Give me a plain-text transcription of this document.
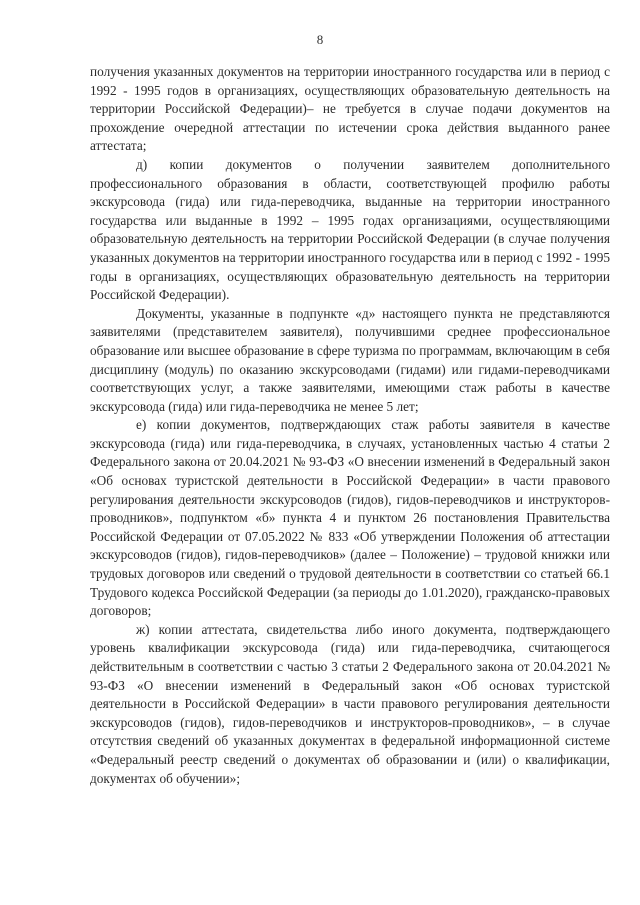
8

получения указанных документов на территории иностранного государства или в период с 1992 - 1995 годов в организациях, осуществляющих образовательную деятельность на территории Российской Федерации)– не требуется в случае подачи документов на прохождение очередной аттестации по истечении срока действия выданного ранее аттестата;

д) копии документов о получении заявителем дополнительного профессионального образования в области, соответствующей профилю работы экскурсовода (гида) или гида-переводчика, выданные на территории иностранного государства или выданные в 1992 – 1995 годах организациями, осуществляющими образовательную деятельность на территории Российской Федерации (в случае получения указанных документов на территории иностранного государства или в период с 1992 - 1995 годы в организациях, осуществляющих образовательную деятельность на территории Российской Федерации).

Документы, указанные в подпункте «д» настоящего пункта не представляются заявителями (представителем заявителя), получившими среднее профессиональное образование или высшее образование в сфере туризма по программам, включающим в себя дисциплину (модуль) по оказанию экскурсоводами (гидами) или гидами-переводчиками соответствующих услуг, а также заявителями, имеющими стаж работы в качестве экскурсовода (гида) или гида-переводчика не менее 5 лет;

е) копии документов, подтверждающих стаж работы заявителя в качестве экскурсовода (гида) или гида-переводчика, в случаях, установленных частью 4 статьи 2 Федерального закона от 20.04.2021 № 93-ФЗ «О внесении изменений в Федеральный закон «Об основах туристской деятельности в Российской Федерации» в части правового регулирования деятельности экскурсоводов (гидов), гидов-переводчиков и инструкторов-проводников», подпунктом «б» пункта 4 и пунктом 26 постановления Правительства Российской Федерации от 07.05.2022 № 833 «Об утверждении Положения об аттестации экскурсоводов (гидов), гидов-переводчиков» (далее – Положение) – трудовой книжки или трудовых договоров или сведений о трудовой деятельности в соответствии со статьей 66.1 Трудового кодекса Российской Федерации (за периоды до 1.01.2020), гражданско-правовых договоров;

ж) копии аттестата, свидетельства либо иного документа, подтверждающего уровень квалификации экскурсовода (гида) или гида-переводчика, считающегося действительным в соответствии с частью 3 статьи 2 Федерального закона от 20.04.2021 № 93-ФЗ «О внесении изменений в Федеральный закон «Об основах туристской деятельности в Российской Федерации» в части правового регулирования деятельности экскурсоводов (гидов), гидов-переводчиков и инструкторов-проводников», – в случае отсутствия сведений об указанных документах в федеральной информационной системе «Федеральный реестр сведений о документах об образовании и (или) о квалификации, документах об обучении»;
